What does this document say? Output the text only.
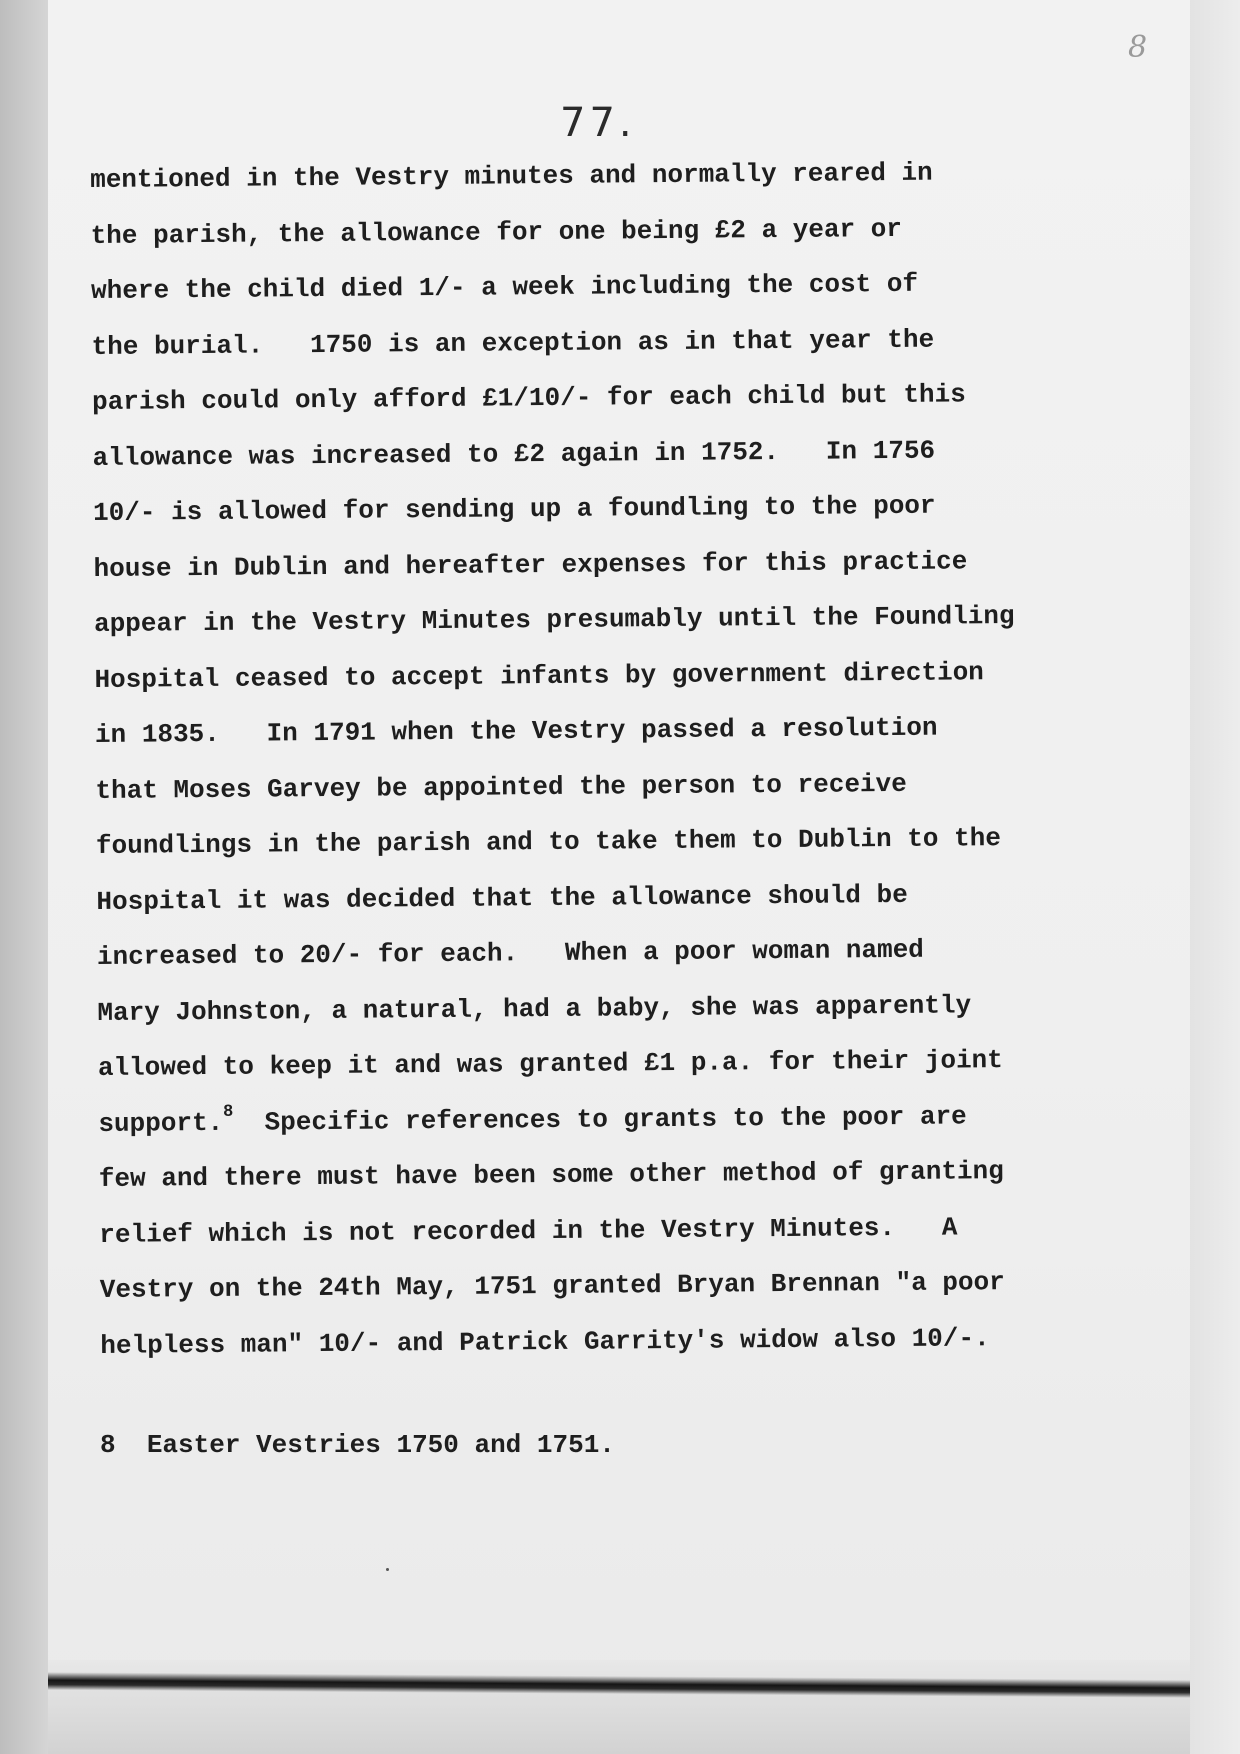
8
77.
mentioned in the Vestry minutes and normally reared in
the parish, the allowance for one being £2 a year or
where the child died 1/- a week including the cost of
the burial.   1750 is an exception as in that year the
parish could only afford £1/10/- for each child but this
allowance was increased to £2 again in 1752.   In 1756
10/- is allowed for sending up a foundling to the poor
house in Dublin and hereafter expenses for this practice
appear in the Vestry Minutes presumably until the Foundling
Hospital ceased to accept infants by government direction
in 1835.   In 1791 when the Vestry passed a resolution
that Moses Garvey be appointed the person to receive
foundlings in the parish and to take them to Dublin to the
Hospital it was decided that the allowance should be
increased to 20/- for each.   When a poor woman named
Mary Johnston, a natural, had a baby, she was apparently
allowed to keep it and was granted £1 p.a. for their joint
support.$^8$  Specific references to grants to the poor are
few and there must have been some other method of granting
relief which is not recorded in the Vestry Minutes.   A
Vestry on the 24th May, 1751 granted Bryan Brennan "a poor
helpless man" 10/- and Patrick Garrity's widow also 10/-.
8 Easter Vestries 1750 and 1751.
